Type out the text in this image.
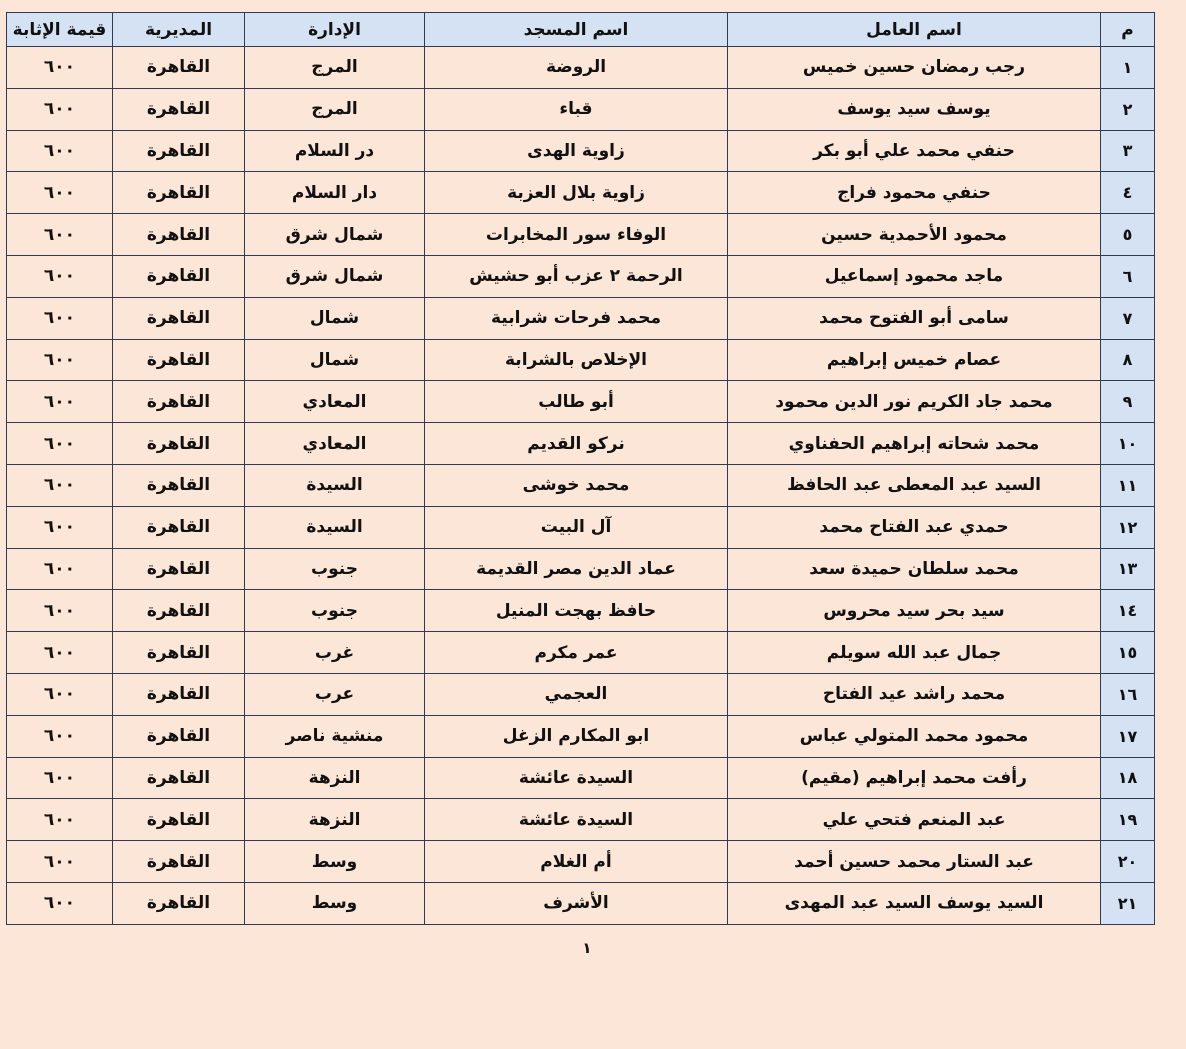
م	اسم العامل	اسم المسجد	الإدارة	المديرية	قيمة الإثابة
١	رجب رمضان حسين خميس	الروضة	المرج	القاهرة	٦٠٠
٢	يوسف سيد يوسف	قباء	المرج	القاهرة	٦٠٠
٣	حنفي محمد علي أبو بكر	زاوية الهدى	در السلام	القاهرة	٦٠٠
٤	حنفي محمود فراج	زاوية بلال العزبة	دار السلام	القاهرة	٦٠٠
٥	محمود الأحمدية حسين	الوفاء سور المخابرات	شمال شرق	القاهرة	٦٠٠
٦	ماجد محمود إسماعيل	الرحمة ٢ عزب أبو حشيش	شمال شرق	القاهرة	٦٠٠
٧	سامى أبو الفتوح محمد	محمد فرحات شرابية	شمال	القاهرة	٦٠٠
٨	عصام خميس إبراهيم	الإخلاص بالشرابة	شمال	القاهرة	٦٠٠
٩	محمد جاد الكريم نور الدين محمود	أبو طالب	المعادي	القاهرة	٦٠٠
١٠	محمد شحاته إبراهيم الحفناوي	نركو القديم	المعادي	القاهرة	٦٠٠
١١	السيد عبد المعطى عبد الحافظ	محمد خوشى	السيدة	القاهرة	٦٠٠
١٢	حمدي عبد الفتاح محمد	آل البيت	السيدة	القاهرة	٦٠٠
١٣	محمد سلطان حميدة سعد	عماد الدين مصر القديمة	جنوب	القاهرة	٦٠٠
١٤	سيد بحر سيد محروس	حافظ بهجت المنيل	جنوب	القاهرة	٦٠٠
١٥	جمال عبد الله سويلم	عمر مكرم	غرب	القاهرة	٦٠٠
١٦	محمد راشد عيد الفتاح	العجمي	عرب	القاهرة	٦٠٠
١٧	محمود محمد المتولي عباس	ابو المكارم الزغل	منشية ناصر	القاهرة	٦٠٠
١٨	رأفت محمد إبراهيم (مقيم)	السيدة عائشة	النزهة	القاهرة	٦٠٠
١٩	عبد المنعم فتحي علي	السيدة عائشة	النزهة	القاهرة	٦٠٠
٢٠	عبد الستار محمد حسين أحمد	أم الغلام	وسط	القاهرة	٦٠٠
٢١	السيد يوسف السيد عبد المهدى	الأشرف	وسط	القاهرة	٦٠٠
١
